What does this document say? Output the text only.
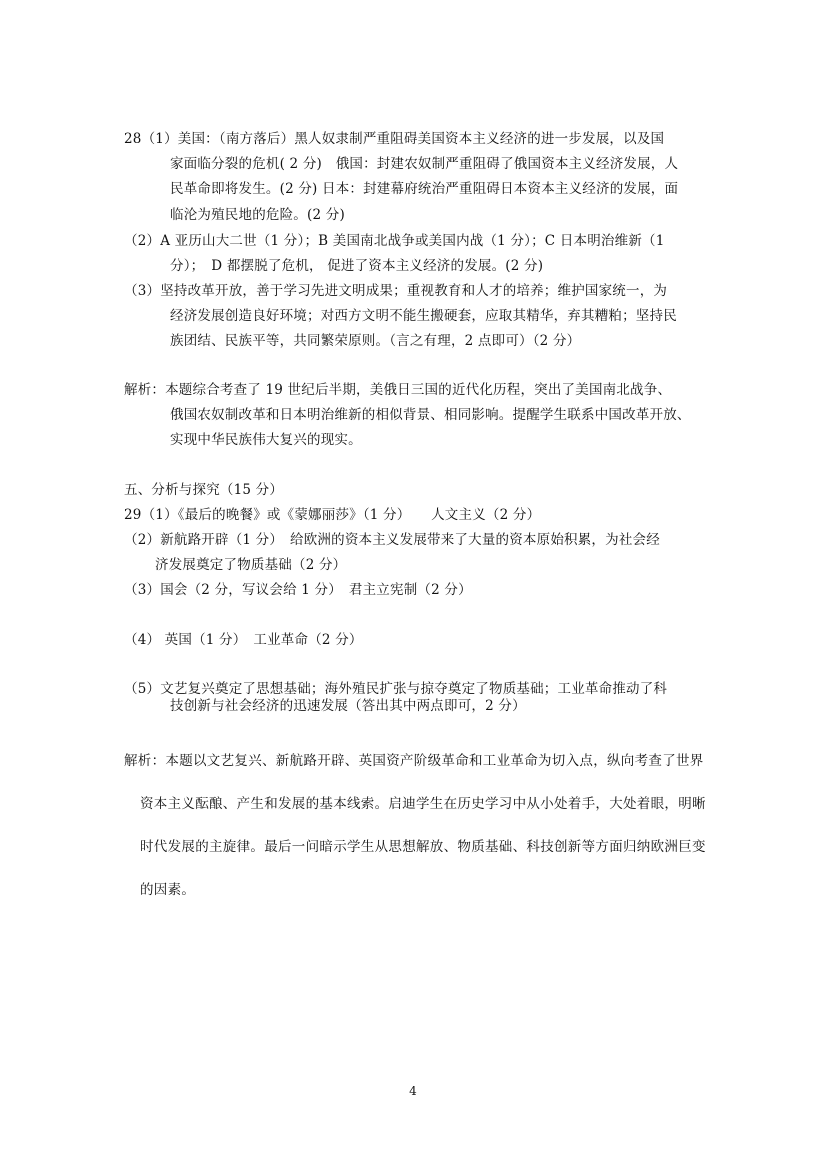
28（1）美国：（南方落后）黑人奴隶制严重阻碍美国资本主义经济的进一步发展，以及国
家面临分裂的危机( 2 分)　俄国：封建农奴制严重阻碍了俄国资本主义经济发展，人
民革命即将发生。(2 分) 日本：封建幕府统治严重阻碍日本资本主义经济的发展，面
临沦为殖民地的危险。(2 分)
（2）A 亚历山大二世（1 分）；B 美国南北战争或美国内战（1 分）；C 日本明治维新（1
分）；　D 都摆脱了危机， 促进了资本主义经济的发展。(2 分)
（3）坚持改革开放，善于学习先进文明成果；重视教育和人才的培养；维护国家统一，为
经济发展创造良好环境；对西方文明不能生搬硬套，应取其精华，弃其糟粕；坚持民
族团结、民族平等，共同繁荣原则。（言之有理，2 点即可）（2 分）
解析：本题综合考查了 19 世纪后半期，美俄日三国的近代化历程，突出了美国南北战争、
俄国农奴制改革和日本明治维新的相似背景、相同影响。提醒学生联系中国改革开放、
实现中华民族伟大复兴的现实。
五、分析与探究（15 分）
29（1）《最后的晚餐》或《蒙娜丽莎》（1 分）　　人文主义（2 分）
（2）新航路开辟（1 分）　给欧洲的资本主义发展带来了大量的资本原始积累，为社会经
济发展奠定了物质基础（2 分）
（3）国会（2 分，写议会给 1 分）　君主立宪制（2 分）
（4） 英国（1 分）　工业革命（2 分）
（5）文艺复兴奠定了思想基础；海外殖民扩张与掠夺奠定了物质基础；工业革命推动了科
技创新与社会经济的迅速发展（答出其中两点即可，2 分）
解析：本题以文艺复兴、新航路开辟、英国资产阶级革命和工业革命为切入点，纵向考查了世界
资本主义酝酿、产生和发展的基本线索。启迪学生在历史学习中从小处着手，大处着眼，明晰
时代发展的主旋律。最后一问暗示学生从思想解放、物质基础、科技创新等方面归纳欧洲巨变
的因素。
4
